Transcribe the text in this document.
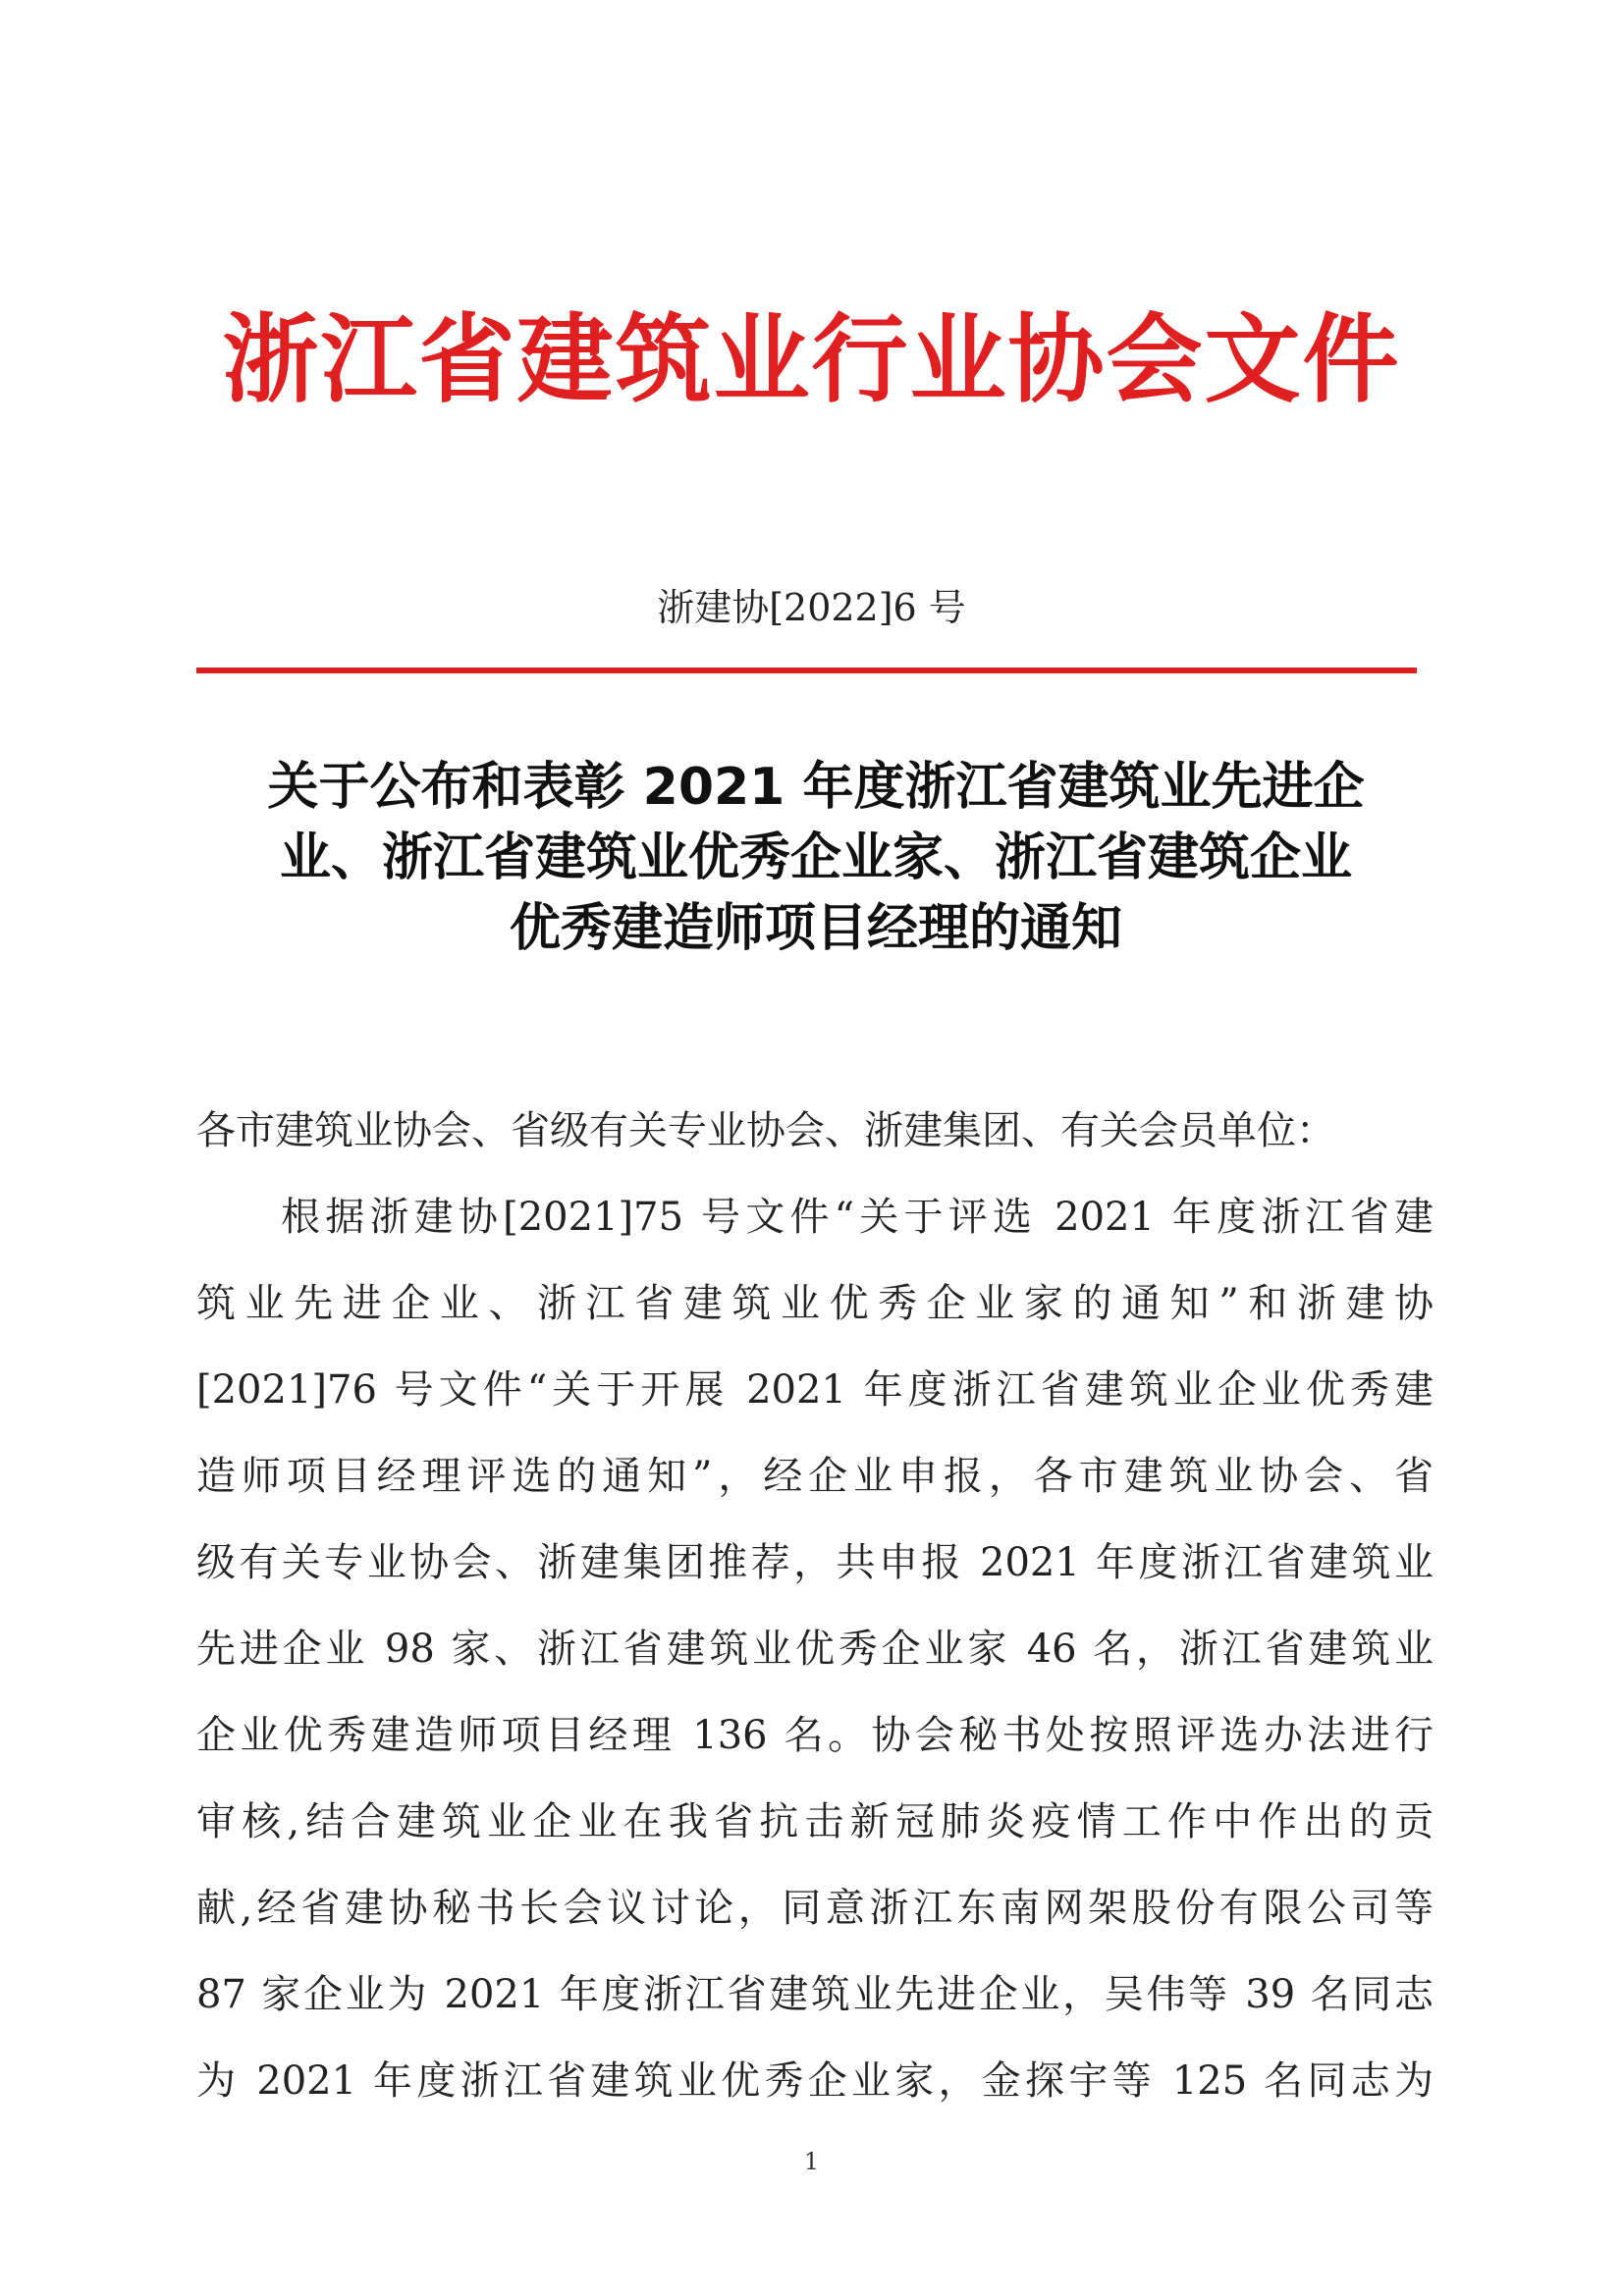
浙江省建筑业行业协会文件
浙建协[2022]6 号
关于公布和表彰 2021 年度浙江省建筑业先进企
业、浙江省建筑业优秀企业家、浙江省建筑企业
优秀建造师项目经理的通知
各市建筑业协会、省级有关专业协会、浙建集团、有关会员单位：
根据浙建协[2021]75 号文件“关于评选 2021 年度浙江省建
筑业先进企业、浙江省建筑业优秀企业家的通知”和浙建协
[2021]76 号文件“关于开展 2021 年度浙江省建筑业企业优秀建
造师项目经理评选的通知”，经企业申报，各市建筑业协会、省
级有关专业协会、浙建集团推荐，共申报 2021 年度浙江省建筑业
先进企业 98 家、浙江省建筑业优秀企业家 46 名，浙江省建筑业
企业优秀建造师项目经理 136 名。协会秘书处按照评选办法进行
审核,结合建筑业企业在我省抗击新冠肺炎疫情工作中作出的贡
献,经省建协秘书长会议讨论，同意浙江东南网架股份有限公司等
87 家企业为 2021 年度浙江省建筑业先进企业，吴伟等 39 名同志
为 2021 年度浙江省建筑业优秀企业家，金探宇等 125 名同志为
1
